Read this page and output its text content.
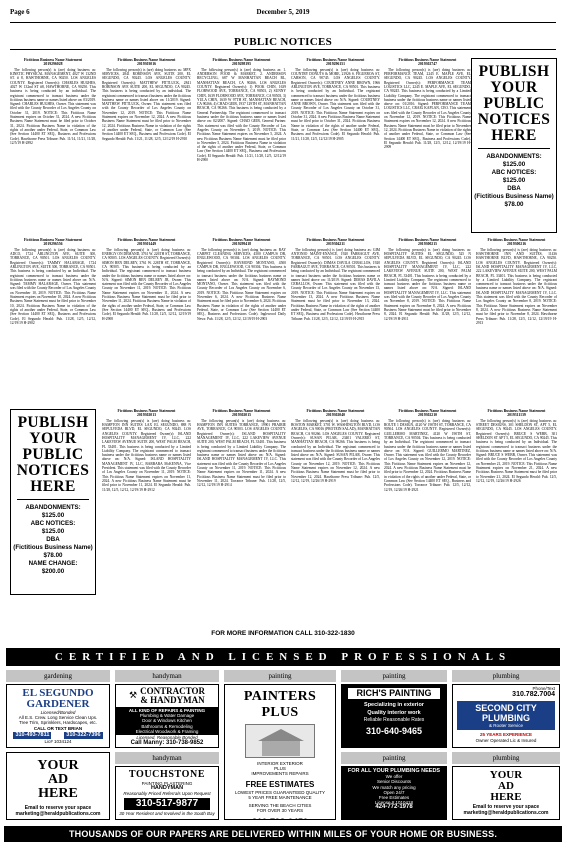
Page 6	December 5, 2019
PUBLIC NOTICES
Fictitious Business Name Statement
2019296028
The following person(s) is (are) doing business as: KINETIC PHYSICAL MANAGEMENT, 4027 W 132ND ST. # 8, HAWTHORNE, CA 90250. LOS ANGELES COUNTY. Registered Owner(s): CHARLES HUGHES, 4027 W 132nd ST #8, HAWTHORNE, CA 90250. This business is being conducted by an individual. The registrant commenced to transact business under the fictitious business name or names listed above on: 03/2019. Signed: CHARLES HUGHES, Owner. This statement was filed with the County Recorder of Los Angeles County on October 31, 2019. NOTICE: This Fictitious Name Statement expires on October 31, 2024. A new Fictitious Business Name Statement must be filed prior to October 31, 2024. Fictitious Business Name in violation of the rights of another under Federal, State, or Common Law (See Section 14400 ET SEQ., Business and Professions Code). Hawthorne Press Tribune: Pub. 11/14, 11/21, 11/28, 12/5/19 H-2892
Fictitious Business Name Statement
2019303016
The following person(s) is (are) doing business as: MPX SERVICES, 2841 ROBINSON AVE, SUITE 200, EL SEGUNDO, CA 90245. LOS ANGELES COUNTY. Registered Owner(s): MATTHEW PITTLUCK, 2841 ROBINSON AVE SUITE 200, EL SEGUNDO, CA 90245. This business is being conducted by an individual. The registrant commenced to transact business under the fictitious business name or names listed above on: 11/2019. Signed: MATTHEW PITTLUCK, Owner. This statement was filed with the County Recorder of Los Angeles County on November 12, 2019. NOTICE: This Fictitious Name Statement expires on November 12, 2024. A new Fictitious Business Name Statement must be filed prior to November 12, 2024. Fictitious Business Name in violation of the rights of another under Federal, State, or Common Law (See Section 14400 ET SEQ., Business and Professions Code). El Segundo Herald: Pub. 11/21, 11/28, 12/5, 12/12/19 H-2910
Fictitious Business Name Statement
2019298195
The following person(s) is (are) doing business as: 1. ANDERSON FOOD & MARKET, 2. ANDERSON RECYCLING, 687 W MANHATTAN BEACH BL, MANHATTAN BEACH, CA 90266, LOS ANGELES COUNTY. Registered Owner(s): 1) POOK CHIN, 1639 FLORWOOD AVE, TORRANCE, CA 90503, 2) SUNNY CHIN, 1639 FLORWOOD AVE, TORRANCE, CA 90503, 3) YULA CHIN, 1639 W 97TH ST, MANHATTAN BEACH, CA 90266, 4) CHAD GEIB, 1937 129TH ST, MANHATTAN BEACH, CA 90266. This business is being conducted by a General Partnership. The registrant commenced to transact business under the fictitious business name or names listed above on: 02/2007. Signed: CHAD GEIB, General Partner. This statement was filed with the County Recorder of Los Angeles County on November 5, 2019. NOTICE: This Fictitious Name Statement expires on November 5, 2024. A new Fictitious Business Name Statement must be filed prior to November 5, 2024. Fictitious Business Name in violation of the rights of another under Federal, State, or Common Law (See Section 14400 ET SEQ., Business and Professions Code). El Segundo Herald: Pub. 11/21, 11/28, 12/5, 12/12/19 H-2900
Fictitious Business Name Statement
2019296151
The following person(s) is (are) doing business as: COUNTRY DONUTS & MORE, 21926 S. FIGUEROA ST, CARSON, CA 90745. LOS ANGELES COUNTY. Registered Owner(s): COURTNEY ANNE BROWN, 1966 ARLINGTON AVE, TORRANCE, CA 90501. This business is being conducted by an Individual. The registrant commenced to transact business under the fictitious business name or names listed above on: N/A. Signed: COURTNEY ANNE BROWN, Owner. This statement was filed with the County Recorder of Los Angeles County on October 31, 2019. NOTICE: This Fictitious Name Statement expires on October 31, 2024. A new Fictitious Business Name Statement must be filed prior to October 31, 2024. Fictitious Business Name in violation of the rights of another under Federal, State, or Common Law (See Section 14400 ET SEQ., Business and Professions Code). El Segundo Herald: Pub. 11/21, 11/28, 12/5, 12/12/19 H-2905
Fictitious Business Name Statement
2019302747
The following person(s) is (are) doing business as: PERFORMANCE TEAM, 2245 E. MAPLE AVE, EL SEGUNDO, CA 90245. LOS ANGELES COUNTY. Registered Owner(s): PERFORMANCE TEAM LOGISTICS LLC, 2245 E. MAPLE AVE, EL SEGUNDO, CA 90245. This business is being conducted by a Limited Liability Company. The registrant commenced to transact business under the fictitious business name or names listed above on: 01/2016. Signed: PERFORMANCE TEAM LOGISTICS LLC, CRAIG KAPLAN, CEO. This statement was filed with the County Recorder of Los Angeles County on November 12, 2019. NOTICE: This Fictitious Name Statement expires on November 12, 2024. A new Fictitious Business Name Statement must be filed prior to November 12, 2024. Fictitious Business Name in violation of the rights of another under Federal, State, or Common Law (See Section 14400 ET SEQ., Business and Professions Code). El Segundo Herald: Pub. 11/28, 12/5, 12/12, 12/19/19 H-2909
Fictitious Business Name Statement
2019296556
The following person(s) is (are) doing business as: ADCO, 1724 ARLINGTON AVE, SUITE 300, TORRANCE, CA 90501. LOS ANGELES COUNTY. Registered Owner(s): TAMMY HALABAGE, 1724 ARLINGTON AVE, SUITE 300, TORRANCE, CA 90501. This business is being conducted by an Individual. The registrant commenced to transact business under the fictitious business name or names listed above on: N/A. Signed: TAMMY HALABAGE, Owner. This statement was filed with the County Recorder of Los Angeles County on November 10, 2019. NOTICE: This Fictitious Name Statement expires on November 10, 2024. A new Fictitious Business Name Statement must be filed prior to November 10, 2024. Fictitious Business Name in violation of the rights of another under Federal, State, or Common Law (See Section 14400 ET SEQ., Business and Professions Code). El Segundo Herald: Pub. 11/28, 12/5, 12/12, 12/19/19 H-2902
Fictitious Business Name Statement
2019301449
The following person(s) is (are) doing business as: ENERGY ON DEMAND, 3761 W. 226TH ST, TORRANCE, CA 90505. LOS ANGELES COUNTY. Registered Owner(s): SIMON BEN DELREY, 3761 W. 226TH ST, TORRANCE, CA 90505. This business is being conducted by an Individual. The registrant commenced to transact business under the fictitious business name or names listed above on: N/A. Signed: SIMON BEN DELREY JR, Owner. This statement was filed with the County Recorder of Los Angeles County on November 11, 2019. NOTICE: This Fictitious Name Statement expires on November 11, 2024. A new Fictitious Business Name Statement must be filed prior to November 11, 2024. Fictitious Business Name in violation of the rights of another under Federal, State, or Common Law (See Section 14400 ET SEQ., Business and Professions Code). El Segundo Herald: Pub. 11/28, 12/5, 12/12, 12/19/19 H-2908
Fictitious Business Name Statement
2019299418
The following person(s) is (are) doing business as: RAY CARPET CLEANING SERVICES, 4500 CAMPUS DR, ENGLEWOOD, CA 90304. LOS ANGELES COUNTY. Registered Owner(s): RAYMOND MONTANO, 4500 CAMPUS DR, ENGLEWOOD, CA 90304. This business is being conducted by an Individual. The registrant commenced to transact business under the fictitious business name or names listed above on: N/A. Signed: RAYMOND MONTANO, Owner. This statement was filed with the County Recorder of Los Angeles County on November 6, 2019. NOTICE: This Fictitious Name Statement expires on November 6, 2024. A new Fictitious Business Name Statement must be filed prior to November 6, 2024. Fictitious Business Name in violation of the rights of another under Federal, State, or Common Law (See Section 14400 ET SEQ., Business and Professions Code). Inglewood Daily News: Pub. 11/28, 12/5, 12/12, 12/19/19 H-2903
Fictitious Business Name Statement
2019304211
The following person(s) is (are) doing business as: GIM ANTONIO MAINT-ENANCE, 1920 FARRAGUT AVE, TORRANCE, CA 90501. LOS ANGELES COUNTY. Registered Owner(s): DIMAS DAVILA CEBALLOS, 1920 FARRAGUT AVE, TORRANCE, CA 90501. This business is being conducted by an Individual. The registrant commenced to transact business under the fictitious business name or names listed above on: 11/2019. Signed: DIMAS DAVILA CEBALLOS, Owner. This statement was filed with the County Recorder of Los Angeles County on November 13, 2019. NOTICE: This Fictitious Name Statement expires on November 13, 2024. A new Fictitious Business Name Statement must be filed prior to November 13, 2024. Fictitious Business Name in violation of the rights of another under Federal, State, or Common Law (See Section 14400 ET SEQ., Business and Professions Code). Hawthorne Press Tribune: Pub. 11/28, 12/5, 12/12, 12/19/19 H-2915
Fictitious Business Name Statement
2019300215
The following person(s) is (are) doing business as: HOSPITALITY SUITES EL SEGUNDO, 525 N SEPULVEDA BLVD, EL SEGUNDO, CA 90245. LOS ANGELES COUNTY. Registered Owner(s): ISLAND HOSPITALITY MANAGEMENT IV, LLC, 222 LAKEVIEW AVENUE SUITE 200, WEST PALM BEACH, FL 33401. This business is being conducted by a Limited Liability Company. The registrant commenced to transact business under the fictitious business name or names listed above on: N/A. Signed: ISLAND HOSPITALITY MANAGEMENT IV, LLC. This statement was filed with the County Recorder of Los Angeles County on November 8, 2019. NOTICE: This Fictitious Name Statement expires on November 8, 2024. A new Fictitious Business Name Statement must be filed prior to November 8, 2024. El Segundo Herald: Pub. 11/28, 12/5, 12/12, 12/19/19 H-2911
Fictitious Business Name Statement
2019300216
The following person(s) is (are) doing business as: HAWTHORNE INN AND SUITES, 11436 HAWTHORNE BLVD, HAWTHORNE, CA 90250. LOS ANGELES COUNTY. Registered Owner(s): ISLAND HOSPITALITY MANAGEMENT IV, LLC, 222 LAKEVIEW AVENUE SUITE 200, WEST PALM BEACH, FL 33401. This business is being conducted by a Limited Liability Company. The registrant commenced to transact business under the fictitious business name or names listed above on: N/A. Signed: ISLAND HOSPITALITY MANAGEMENT IV, LLC. This statement was filed with the County Recorder of Los Angeles County on November 8, 2019. NOTICE: This Fictitious Name Statement expires on November 8, 2024. A new Fictitious Business Name Statement must be filed prior to November 8, 2024. Hawthorne Press Tribune: Pub. 11/28, 12/5, 12/12, 12/19/19 H-2913
Fictitious Business Name Statement
2019302013
The following person(s) is (are) doing business as: HAMPTON INN SUITES LAX EL SEGUNDO, 888 N SEPULVEDA BLVD, EL SEGUNDO, CA 90245. LOS ANGELES COUNTY. Registered Owner(s): ISLAND HOSPITALITY MANAGEMENT IV, LLC, 222 LAKEVIEW AVENUE SUITE 200, WEST PALM BEACH, FL 33401. This business is being conducted by a Limited Liability Company. The registrant commenced to transact business under the fictitious business name or names listed above on: N/A. Signed: ISLAND HOSPITALITY MANAGEMENT IV, LLC, BARBARA McKENNA, Vice President. This statement was filed with the County Recorder of Los Angeles County on November 11, 2019. NOTICE: This Fictitious Name Statement expires on November 11, 2024. A new Fictitious Business Name Statement must be filed prior to November 11, 2024. El Segundo Herald: Pub. 11/28, 12/5, 12/12, 12/19/19 H-2912
Fictitious Business Name Statement
2019302015
The following person(s) is (are) doing business as: HAMPTON INN SUITES TORRANCE, 19901 PRAIRIE AVE, TORRANCE, CA 90503. LOS ANGELES COUNTY. Registered Owner(s): ISLAND HOSPITALITY MANAGEMENT IV, LLC, 222 LAKEVIEW AVENUE SUITE 200, WEST PALM BEACH, FL 33401. This business is being conducted by a Limited Liability Company. The registrant commenced to transact business under the fictitious business name or names listed above on: N/A. Signed: ISLAND HOSPITALITY MANAGEMENT IV, LLC. This statement was filed with the County Recorder of Los Angeles County on November 11, 2019. NOTICE: This Fictitious Name Statement expires on November 11, 2024. A new Fictitious Business Name Statement must be filed prior to November 11, 2024. Torrance Tribune: Pub. 11/28, 12/5, 12/12, 12/19/19 H-2914
Fictitious Business Name Statement
2019302040
The following person(s) is (are) doing business as: BOSTON MARKET, 3701 W. WASHINGTON BLVD, LOS ANGELES, CA 90016 (PROTEIN SALAD), MANHATTAN BEACH, CA 90266. LOS ANGELES COUNTY. Registered Owner(s): SUSAN PILAR, 23401 VALERIO ST, MANHATTAN BEACH, CA 90266. This business is being conducted by an Individual. The registrant commenced to transact business under the fictitious business name or names listed above on: N/A. Signed: SUSAN PILAR, Owner. This statement was filed with the County Recorder of Los Angeles County on November 12, 2019. NOTICE: This Fictitious Name Statement expires on November 12, 2024. A new Fictitious Business Name Statement must be filed prior to November 12, 2024. Hawthorne Press Tribune: Pub. 12/5, 12/12, 12/19, 12/26/19 H-2919
Fictitious Business Name Statement
2019302210
The following person(s) is (are) doing business as: ROUTE 1 DESIGN, 4120 W 190TH ST, TORRANCE, CA 90504. LOS ANGELES COUNTY. Registered Owner(s): GUILLERMO MARTINEZ, 4120 W 190TH ST, TORRANCE, CA 90504. This business is being conducted by an Individual. The registrant commenced to transact business under the fictitious business name or names listed above on: N/A. Signed: GUILLERMO MARTINEZ, Owner. This statement was filed with the County Recorder of Los Angeles County on November 12, 2019. NOTICE: This Fictitious Name Statement expires on November 12, 2024. A new Fictitious Business Name Statement must be filed prior to November 12, 2024. Fictitious Business Name in violation of the rights of another under Federal, State, or Common Law (See Section 14400 ET SEQ., Business and Professions Code). Torrance Tribune: Pub. 12/5, 12/12, 12/19, 12/26/19 H-2921
Fictitious Business Name Statement
2019311139
The following person(s) is (are) doing business as: STREET DESIGNS, 301 SHELDON ST, APT 5, EL SEGUNDO, CA 90245. LOS ANGELES COUNTY. Registered Owner(s): BRUCE S WEBB, 301 SHELDON ST APT 5, EL SEGUNDO, CA 90245. This business is being conducted by an Individual. The registrant commenced to transact business under the fictitious business name or names listed above on: N/A. Signed: BRUCE S WEBB, Owner. This statement was filed with the County Recorder of Los Angeles County on November 21, 2019. NOTICE: This Fictitious Name Statement expires on November 21, 2024. A new Fictitious Business Name Statement must be filed prior to November 21, 2024. El Segundo Herald: Pub. 12/5, 12/12, 12/19, 12/26/19 H-2926
PUBLISH
YOUR
PUBLIC
NOTICES
HERE
ABANDONMENTS:
$125.00
ABC NOTICES:
$125.00
DBA
(Fictitious Business Name)
$78.00
PUBLISH
YOUR
PUBLIC
NOTICES
HERE
ABANDONMENTS:
$125.00
ABC NOTICES:
$125.00
DBA
(Fictitious Business Name)
$78.00
NAME CHANGE:
$200.00
FOR MORE INFORMATION CALL 310-322-1830
CERTIFIED AND LICENSED PROFESSIONALS
gardening	handyman	painting	painting	plumbing
EL SEGUNDO
GARDENER
Licensed/Bonded
All E.S. Crew. Long Service Clean Ups.
Tree Trim, Sprinklers, Hardscapes, etc.
CALL OR TEXT BRIAN
310-493-7811	310-322-7396
Lic# 1034124
⚒ CONTRACTOR
& HANDYMAN
ALL KIND OF REPAIRS & PAINTING
Plumbing & Water Damage
Door & Windows Kitchen
Bathrooms & Remodeling
Electrical Woodwork & Framing
Licensed, Reasonable Bonded
Call Manny: 310-738-9852
PAINTERS PLUS
INTERIOR EXTERIOR
PLUS
IMPROVEMENTS REPAIRS
FREE ESTIMATES
LOWEST PRICES GUARANTEED QUALITY
5 YEAR FREE MAINTENANCE
SERVING THE BEACH CITIES
FOR OVER 30 YEARS
RICH'S PAINTING
Specializing in exterior
Quality interior work
Reliable Reasonable Rates
310-640-9465
Phone/Text
310.782.7004
SECOND CITY
PLUMBING
& Rooter Service
25 YEARS EXPERIENCE
Owner Operated Lic & Insured
handyman	painting	plumbing
YOUR
AD
HERE
Email to reserve your space
marketing@heraldpublications.com
TOUCHSTONE
PAINTING PLASTERING
HANDYMAN
Reasonably Priced Referrals Upon Request
310-517-9877
30 Year Resident and Involved in the South Bay
FOR ALL YOUR PLUMBING NEEDS
We offer
Senior Discounts
We match any pricing
Open 24/7
Free Estimates
License # 1010418
424-772-1978
YOUR
AD
HERE
Email to reserve your space
marketing@heraldpublications.com
THOUSANDS OF OUR PAPERS ARE DELIVERED WITHIN MILES OF YOUR HOME OR BUSINESS.
